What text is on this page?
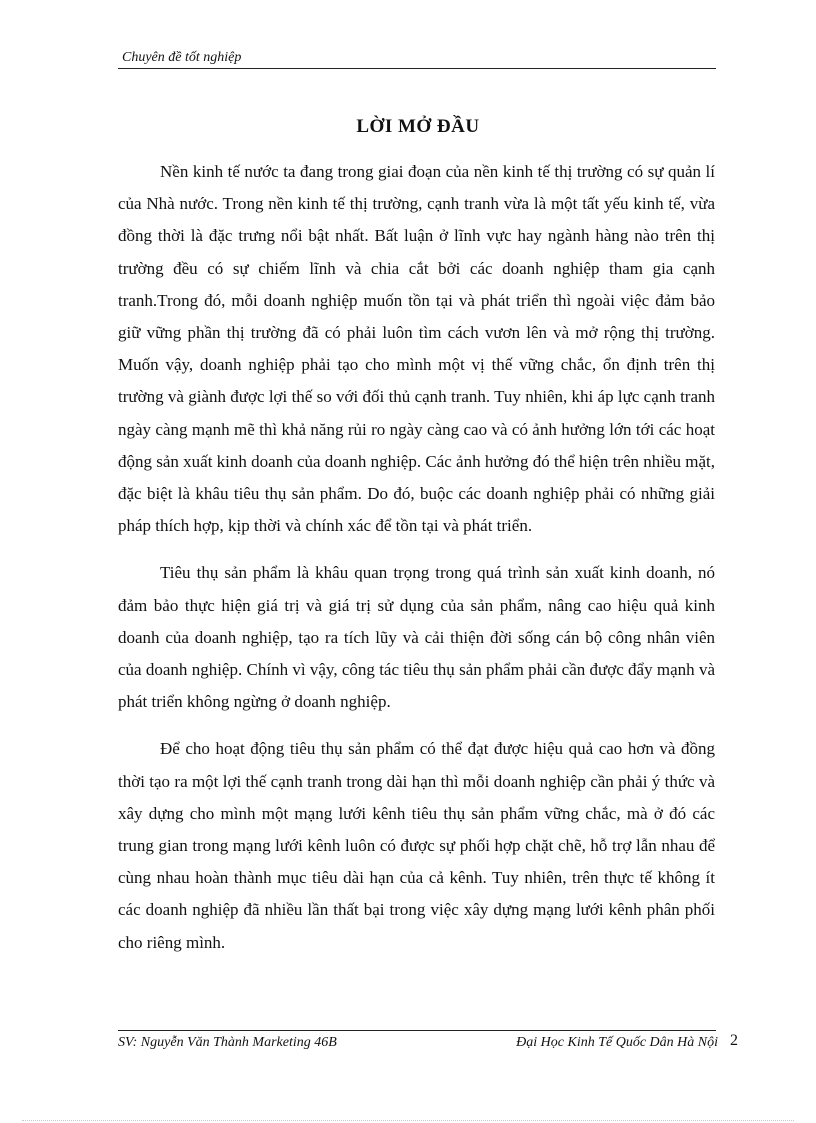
Chuyên đề tốt nghiệp
LỜI MỞ ĐẦU

Nền kinh tế nước ta đang trong giai đoạn của nền kinh tế thị trường có sự quản lí của Nhà nước. Trong nền kinh tế thị trường, cạnh tranh vừa là một tất yếu kinh tế, vừa đồng thời là đặc trưng nổi bật nhất. Bất luận ở lĩnh vực hay ngành hàng nào trên thị trường đều có sự chiếm lĩnh và chia cắt bởi các doanh nghiệp tham gia cạnh tranh.Trong đó, mỗi doanh nghiệp muốn tồn tại và phát triển thì ngoài việc đảm bảo giữ vững phần thị trường đã có phải luôn tìm cách vươn lên và mở rộng thị trường. Muốn vậy, doanh nghiệp phải tạo cho mình một vị thế vững chắc, ổn định trên thị trường và giành được lợi thế so với đối thủ cạnh tranh. Tuy nhiên, khi áp lực cạnh tranh ngày càng mạnh mẽ thì khả năng rủi ro ngày càng cao và có ảnh hưởng lớn tới các hoạt động sản xuất kinh doanh của doanh nghiệp. Các ảnh hưởng đó thể hiện trên nhiều mặt, đặc biệt là khâu tiêu thụ sản phẩm. Do đó, buộc các doanh nghiệp phải có những giải pháp thích hợp, kịp thời và chính xác để tồn tại và phát triển.

Tiêu thụ sản phẩm là khâu quan trọng trong quá trình sản xuất kinh doanh, nó đảm bảo thực hiện giá trị và giá trị sử dụng của sản phẩm, nâng cao hiệu quả kinh doanh của doanh nghiệp, tạo ra tích lũy và cải thiện đời sống cán bộ công nhân viên của doanh nghiệp. Chính vì vậy, công tác tiêu thụ sản phẩm phải cần được đẩy mạnh và phát triển không ngừng ở doanh nghiệp.

Để cho hoạt động tiêu thụ sản phẩm có thể đạt được hiệu quả cao hơn và đồng thời tạo ra một lợi thế cạnh tranh trong dài hạn thì mỗi doanh nghiệp cần phải ý thức và xây dựng cho mình một mạng lưới kênh tiêu thụ sản phẩm vững chắc, mà ở đó các trung gian trong mạng lưới kênh luôn có được sự phối hợp chặt chẽ, hỗ trợ lẫn nhau để cùng nhau hoàn thành mục tiêu dài hạn của cả kênh. Tuy nhiên, trên thực tế không ít các doanh nghiệp đã nhiều lần thất bại trong việc xây dựng mạng lưới kênh phân phối cho riêng mình.

SV: Nguyễn Văn Thành Marketing 46B	Đại Học Kinh Tế Quốc Dân Hà Nội 2
